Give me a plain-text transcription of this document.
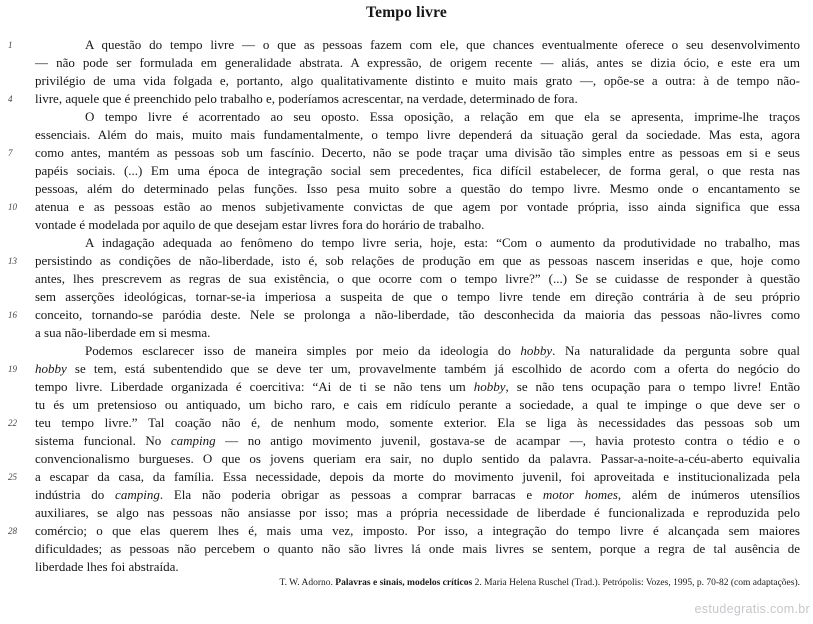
Tempo livre
1	A questão do tempo livre — o que as pessoas fazem com ele, que chances eventualmente oferece o seu desenvolvimento
— não pode ser formulada em generalidade abstrata. A expressão, de origem recente — aliás, antes se dizia ócio, e este era um
privilégio de uma vida folgada e, portanto, algo qualitativamente distinto e muito mais grato —, opõe-se a outra: à de tempo não-
4	livre, aquele que é preenchido pelo trabalho e, poderíamos acrescentar, na verdade, determinado de fora.
O tempo livre é acorrentado ao seu oposto. Essa oposição, a relação em que ela se apresenta, imprime-lhe traços
essenciais. Além do mais, muito mais fundamentalmente, o tempo livre dependerá da situação geral da sociedade. Mas esta, agora
7	como antes, mantém as pessoas sob um fascínio. Decerto, não se pode traçar uma divisão tão simples entre as pessoas em si e seus
papéis sociais. (...) Em uma época de integração social sem precedentes, fica difícil estabelecer, de forma geral, o que resta nas
pessoas, além do determinado pelas funções. Isso pesa muito sobre a questão do tempo livre. Mesmo onde o encantamento se
10	atenua e as pessoas estão ao menos subjetivamente convictas de que agem por vontade própria, isso ainda significa que essa
vontade é modelada por aquilo de que desejam estar livres fora do horário de trabalho.
A indagação adequada ao fenômeno do tempo livre seria, hoje, esta: “Com o aumento da produtividade no trabalho, mas
13	persistindo as condições de não-liberdade, isto é, sob relações de produção em que as pessoas nascem inseridas e que, hoje como
antes, lhes prescrevem as regras de sua existência, o que ocorre com o tempo livre?” (...) Se se cuidasse de responder à questão
sem asserções ideológicas, tornar-se-ia imperiosa a suspeita de que o tempo livre tende em direção contrária à de seu próprio
16	conceito, tornando-se paródia deste. Nele se prolonga a não-liberdade, tão desconhecida da maioria das pessoas não-livres como
a sua não-liberdade em si mesma.
Podemos esclarecer isso de maneira simples por meio da ideologia do hobby. Na naturalidade da pergunta sobre qual
19	hobby se tem, está subentendido que se deve ter um, provavelmente também já escolhido de acordo com a oferta do negócio do
tempo livre. Liberdade organizada é coercitiva: “Ai de ti se não tens um hobby, se não tens ocupação para o tempo livre! Então
tu és um pretensioso ou antiquado, um bicho raro, e cais em ridículo perante a sociedade, a qual te impinge o que deve ser o
22	teu tempo livre.” Tal coação não é, de nenhum modo, somente exterior. Ela se liga às necessidades das pessoas sob um
sistema funcional. No camping — no antigo movimento juvenil, gostava-se de acampar —, havia protesto contra o tédio e o
convencionalismo burgueses. O que os jovens queriam era sair, no duplo sentido da palavra. Passar-a-noite-a-céu-aberto equivalia
25	a escapar da casa, da família. Essa necessidade, depois da morte do movimento juvenil, foi aproveitada e institucionalizada pela
indústria do camping. Ela não poderia obrigar as pessoas a comprar barracas e motor homes, além de inúmeros utensílios
auxiliares, se algo nas pessoas não ansiasse por isso; mas a própria necessidade de liberdade é funcionalizada e reproduzida pelo
28	comércio; o que elas querem lhes é, mais uma vez, imposto. Por isso, a integração do tempo livre é alcançada sem maiores
dificuldades; as pessoas não percebem o quanto não são livres lá onde mais livres se sentem, porque a regra de tal ausência de
liberdade lhes foi abstraída.
T. W. Adorno. Palavras e sinais, modelos críticos 2. Maria Helena Ruschel (Trad.). Petrópolis: Vozes, 1995, p. 70-82 (com adaptações).
estudegratis.com.br
